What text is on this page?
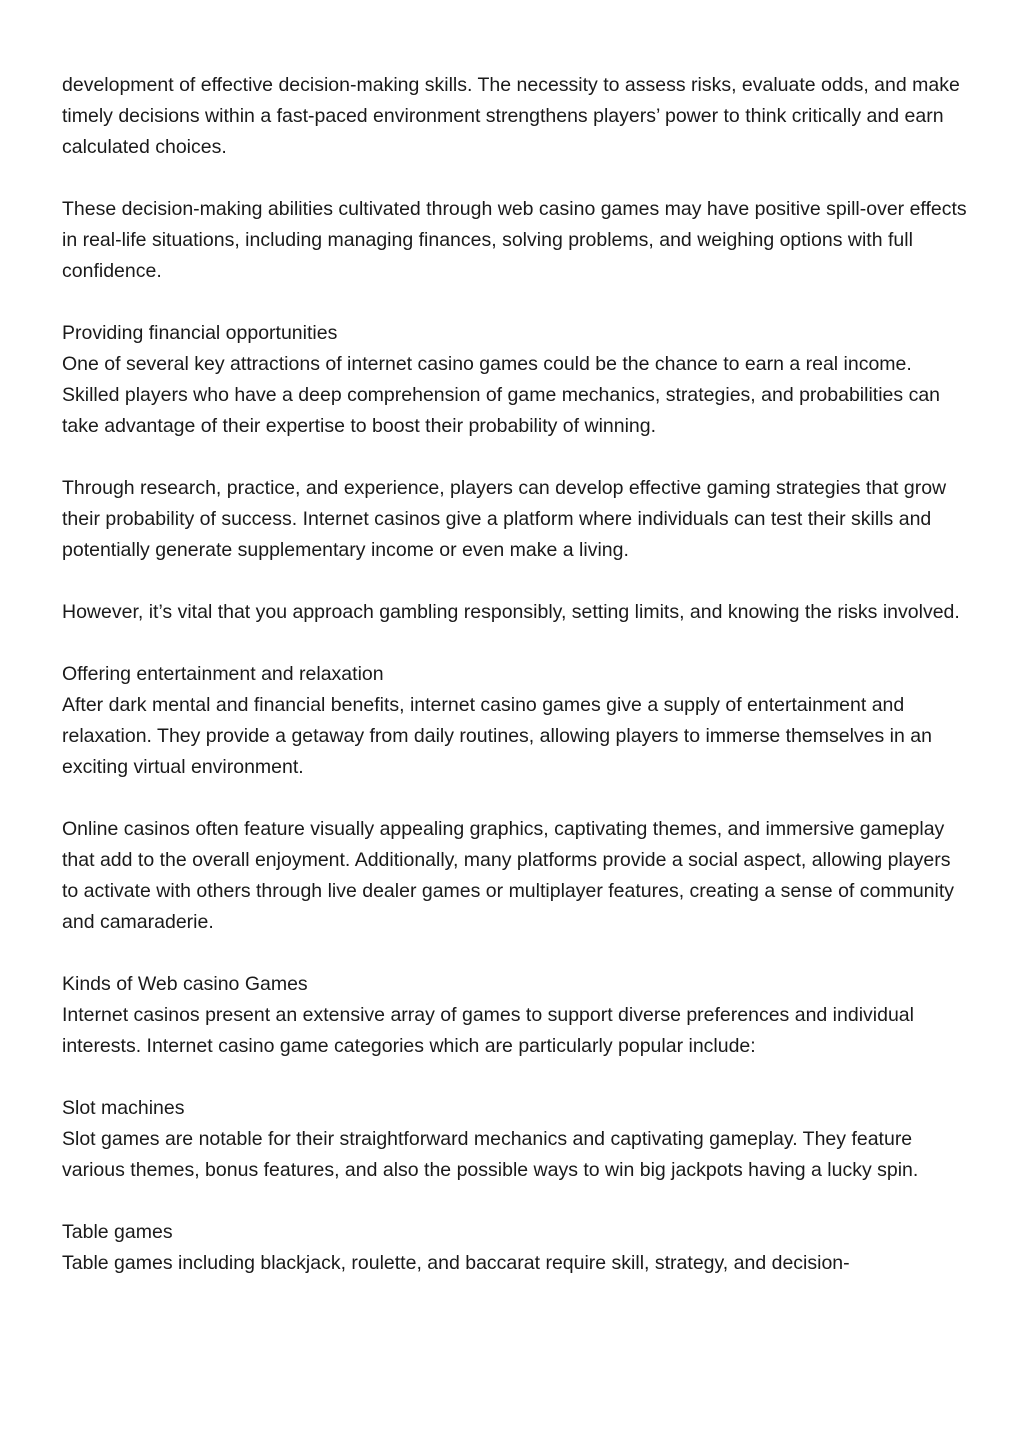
development of effective decision-making skills. The necessity to assess risks, evaluate odds, and make timely decisions within a fast-paced environment strengthens players’ power to think critically and earn calculated choices.

These decision-making abilities cultivated through web casino games may have positive spill-over effects in real-life situations, including managing finances, solving problems, and weighing options with full confidence.

Providing financial opportunities
One of several key attractions of internet casino games could be the chance to earn a real income. Skilled players who have a deep comprehension of game mechanics, strategies, and probabilities can take advantage of their expertise to boost their probability of winning.

Through research, practice, and experience, players can develop effective gaming strategies that grow their probability of success. Internet casinos give a platform where individuals can test their skills and potentially generate supplementary income or even make a living.

However, it’s vital that you approach gambling responsibly, setting limits, and knowing the risks involved.

Offering entertainment and relaxation
After dark mental and financial benefits, internet casino games give a supply of entertainment and relaxation. They provide a getaway from daily routines, allowing players to immerse themselves in an exciting virtual environment.

Online casinos often feature visually appealing graphics, captivating themes, and immersive gameplay that add to the overall enjoyment. Additionally, many platforms provide a social aspect, allowing players to activate with others through live dealer games or multiplayer features, creating a sense of community and camaraderie.

Kinds of Web casino Games
Internet casinos present an extensive array of games to support diverse preferences and individual interests. Internet casino game categories which are particularly popular include:

Slot machines
Slot games are notable for their straightforward mechanics and captivating gameplay. They feature various themes, bonus features, and also the possible ways to win big jackpots having a lucky spin.

Table games
Table games including blackjack, roulette, and baccarat require skill, strategy, and decision-
